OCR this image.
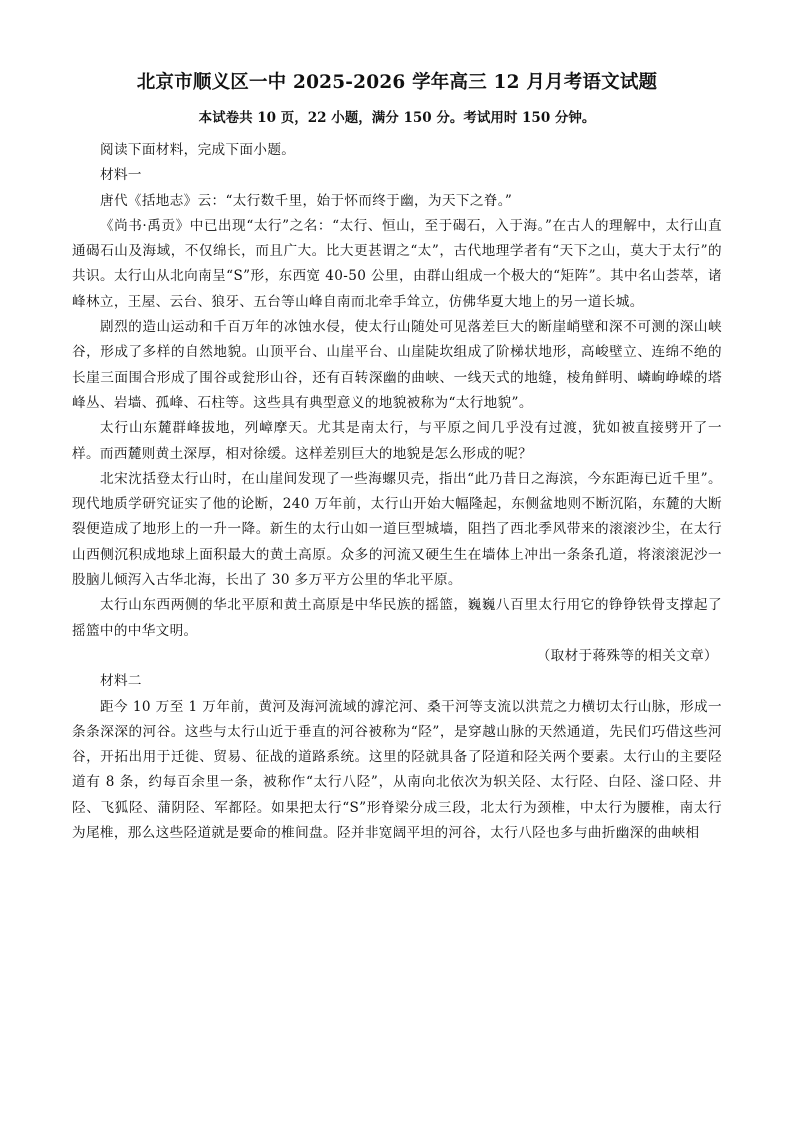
北京市顺义区一中 2025-2026 学年高三 12 月月考语文试题

本试卷共 10 页，22 小题，满分 150 分。考试用时 150 分钟。

阅读下面材料，完成下面小题。

材料一

唐代《括地志》云：“太行数千里，始于怀而终于幽，为天下之脊。”

《尚书·禹贡》中已出现“太行”之名：“太行、恒山，至于碣石，入于海。”在古人的理解中，太行山直通碣石山及海域，不仅绵长，而且广大。比大更甚谓之“太”，古代地理学者有“天下之山，莫大于太行”的共识。太行山从北向南呈“S”形，东西宽 40-50 公里，由群山组成一个极大的“矩阵”。其中名山荟萃，诸峰林立，王屋、云台、狼牙、五台等山峰自南而北牵手耸立，仿佛华夏大地上的另一道长城。

剧烈的造山运动和千百万年的冰蚀水侵，使太行山随处可见落差巨大的断崖峭壁和深不可测的深山峡谷，形成了多样的自然地貌。山顶平台、山崖平台、山崖陡坎组成了阶梯状地形，高峻壁立、连绵不绝的长崖三面围合形成了围谷或瓮形山谷，还有百转深幽的曲峡、一线天式的地缝，棱角鲜明、嶙峋峥嵘的塔峰丛、岩墙、孤峰、石柱等。这些具有典型意义的地貌被称为“太行地貌”。

太行山东麓群峰拔地，列嶂摩天。尤其是南太行，与平原之间几乎没有过渡，犹如被直接劈开了一样。而西麓则黄土深厚，相对徐缓。这样差别巨大的地貌是怎么形成的呢？

北宋沈括登太行山时，在山崖间发现了一些海螺贝壳，指出“此乃昔日之海滨，今东距海已近千里”。现代地质学研究证实了他的论断，240 万年前，太行山开始大幅隆起，东侧盆地则不断沉陷，东麓的大断裂便造成了地形上的一升一降。新生的太行山如一道巨型城墙，阻挡了西北季风带来的滚滚沙尘，在太行山西侧沉积成地球上面积最大的黄土高原。众多的河流又硬生生在墙体上冲出一条条孔道，将滚滚泥沙一股脑儿倾泻入古华北海，长出了 30 多万平方公里的华北平原。

太行山东西两侧的华北平原和黄土高原是中华民族的摇篮，巍巍八百里太行用它的铮铮铁骨支撑起了摇篮中的中华文明。

（取材于蒋殊等的相关文章）

材料二

距今 10 万至 1 万年前，黄河及海河流域的滹沱河、桑干河等支流以洪荒之力横切太行山脉，形成一条条深深的河谷。这些与太行山近于垂直的河谷被称为“陉”，是穿越山脉的天然通道，先民们巧借这些河谷，开拓出用于迁徙、贸易、征战的道路系统。这里的陉就具备了陉道和陉关两个要素。太行山的主要陉道有 8 条，约每百余里一条，被称作“太行八陉”，从南向北依次为轵关陉、太行陉、白陉、滏口陉、井陉、飞狐陉、蒲阴陉、军都陉。如果把太行“S”形脊梁分成三段，北太行为颈椎，中太行为腰椎，南太行为尾椎，那么这些陉道就是要命的椎间盘。陉并非宽阔平坦的河谷，太行八陉也多与曲折幽深的曲峡相
